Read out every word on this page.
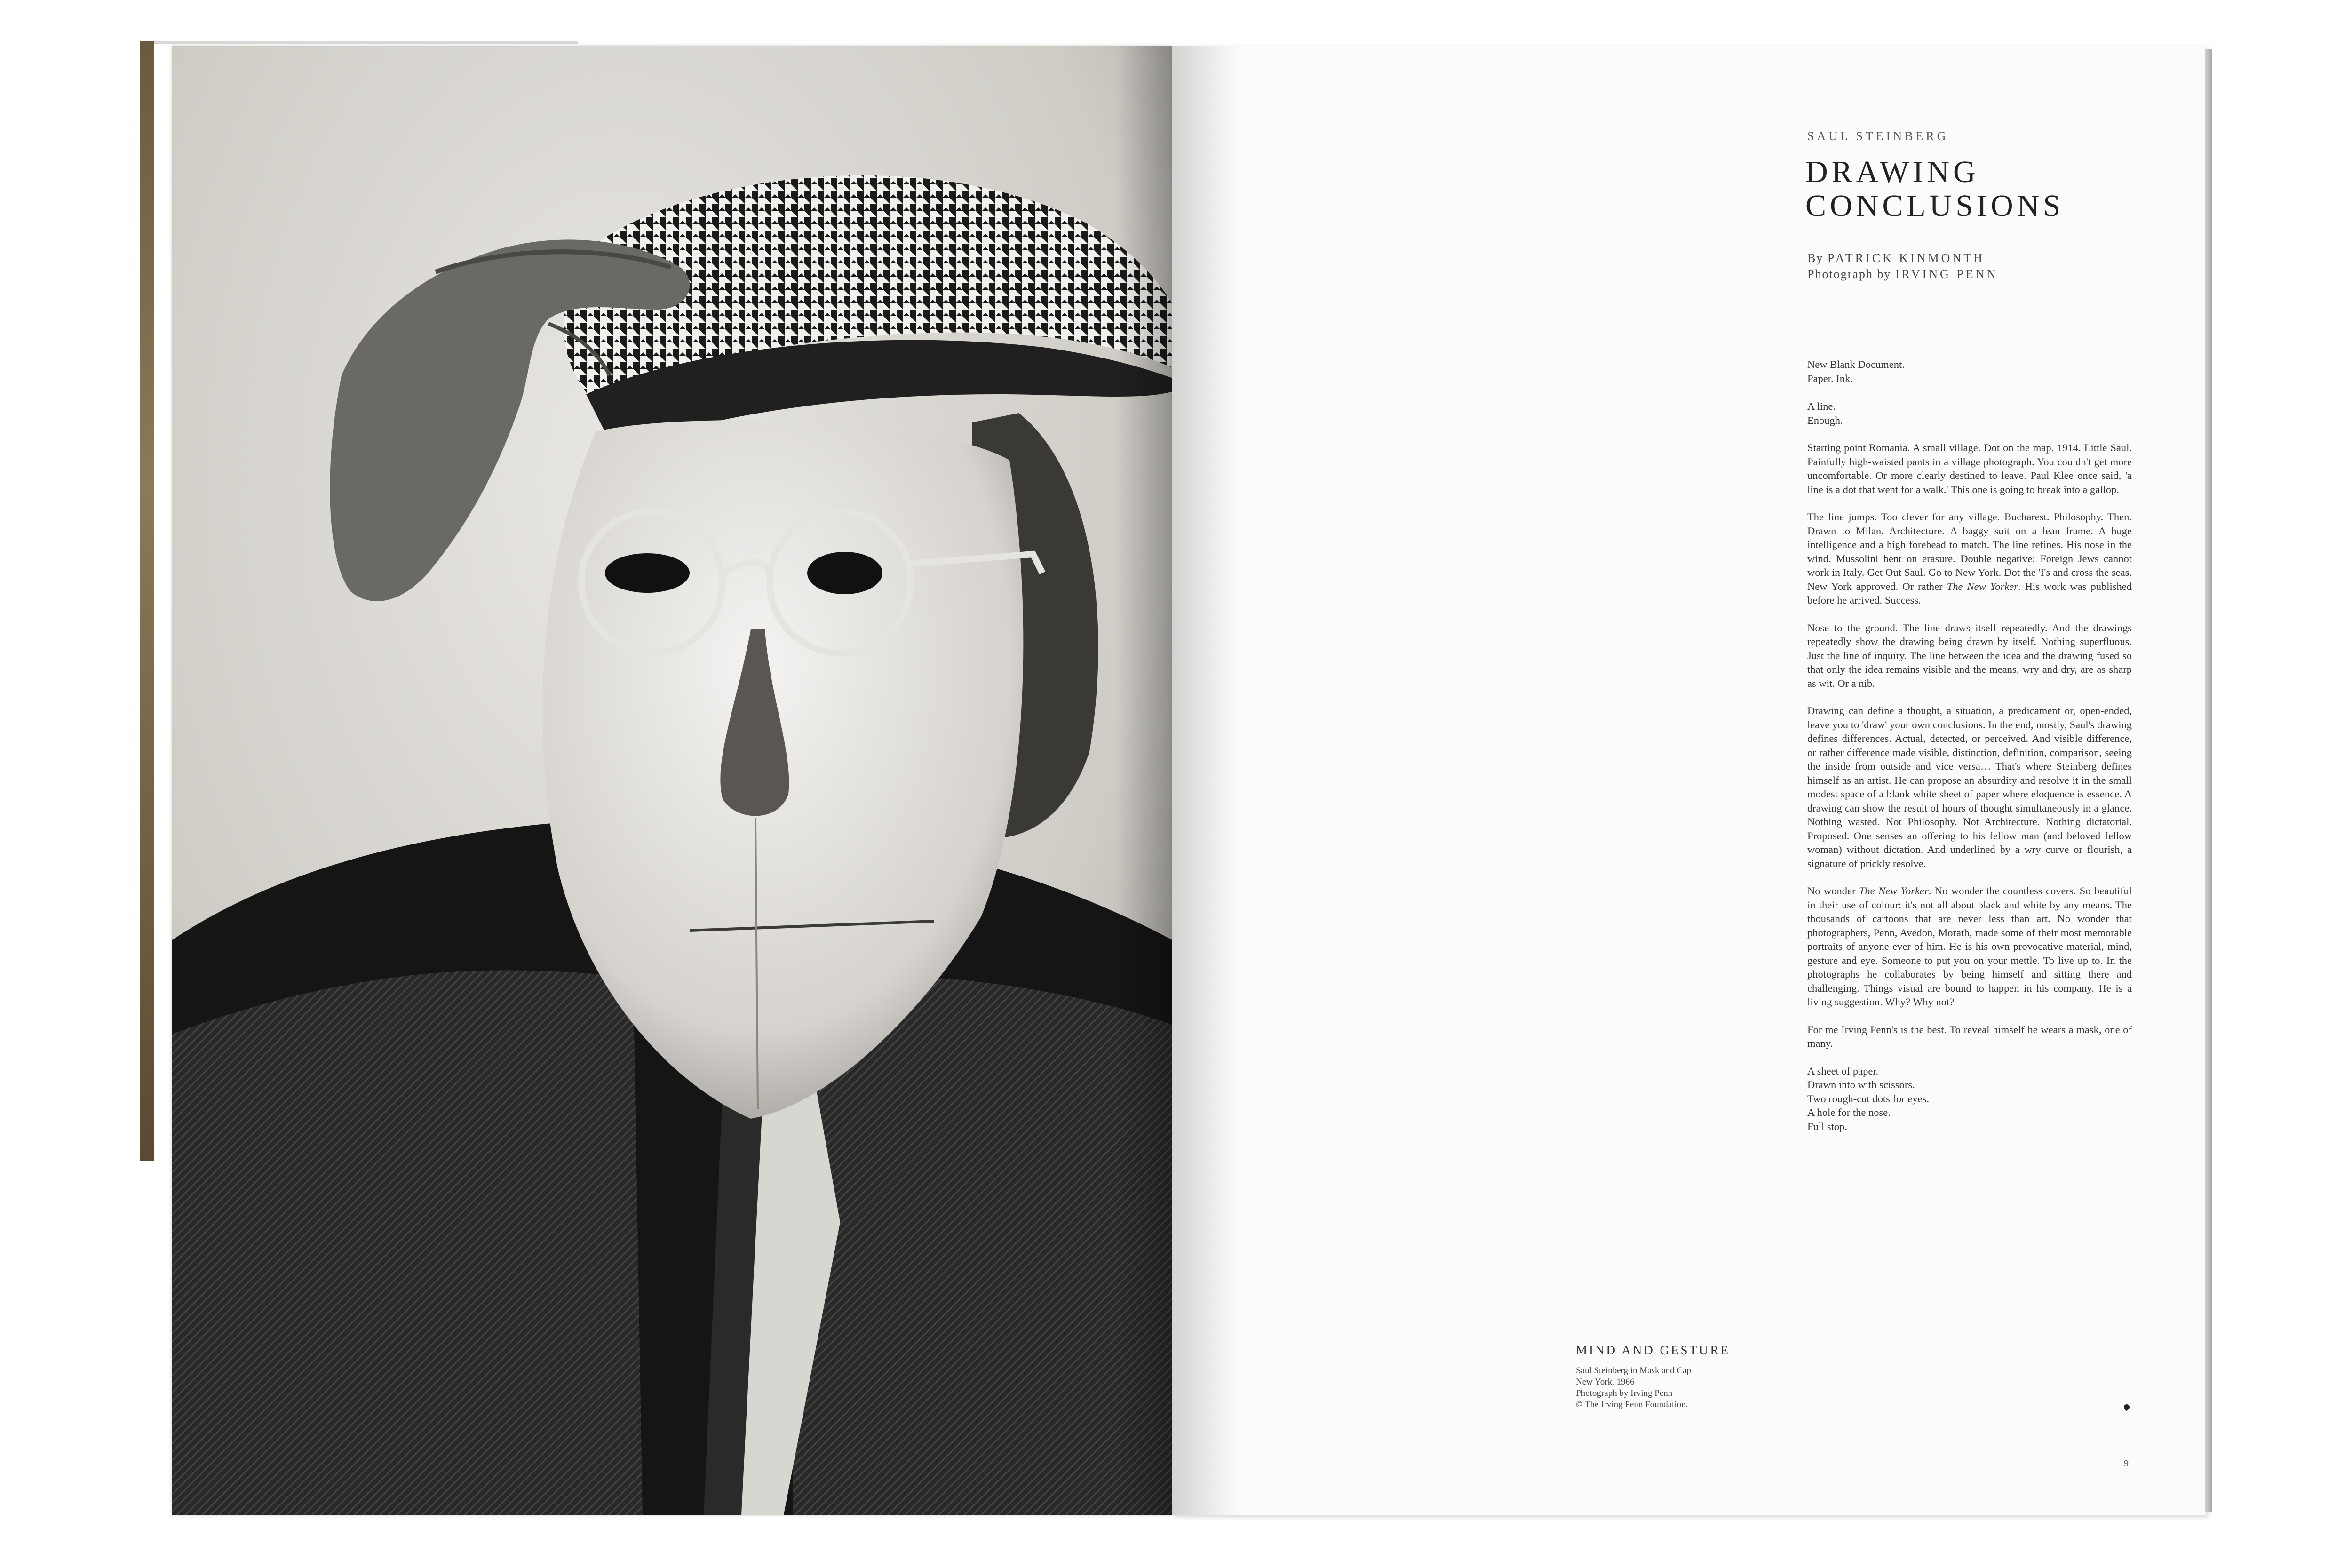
SAUL STEINBERG
DRAWING
CONCLUSIONS
By PATRICK KINMONTH
Photograph by IRVING PENN

New Blank Document.
Paper. Ink.

A line.
Enough.

Starting point Romania. A small village. Dot on the map. 1914. Little Saul. Painfully high-waisted pants in a village photograph. You couldn't get more uncomfortable. Or more clearly destined to leave. Paul Klee once said, 'a line is a dot that went for a walk.' This one is going to break into a gallop.

The line jumps. Too clever for any village. Bucharest. Philosophy. Then. Drawn to Milan. Architecture. A baggy suit on a lean frame. A huge intelligence and a high forehead to match. The line refines. His nose in the wind. Mussolini bent on erasure. Double negative: Foreign Jews cannot work in Italy. Get Out Saul. Go to New York. Dot the 'I's and cross the seas. New York approved. Or rather The New Yorker. His work was published before he arrived. Success.

Nose to the ground. The line draws itself repeatedly. And the drawings repeatedly show the drawing being drawn by itself. Nothing superfluous. Just the line of inquiry. The line between the idea and the drawing fused so that only the idea remains visible and the means, wry and dry, are as sharp as wit. Or a nib.

Drawing can define a thought, a situation, a predicament or, open-ended, leave you to 'draw' your own conclusions. In the end, mostly, Saul's drawing defines differences. Actual, detected, or perceived. And visible difference, or rather difference made visible, distinction, definition, comparison, seeing the inside from outside and vice versa… That's where Steinberg defines himself as an artist. He can propose an absurdity and resolve it in the small modest space of a blank white sheet of paper where eloquence is essence. A drawing can show the result of hours of thought simultaneously in a glance. Nothing wasted. Not Philosophy. Not Architecture. Nothing dictatorial. Proposed. One senses an offering to his fellow man (and beloved fellow woman) without dictation. And underlined by a wry curve or flourish, a signature of prickly resolve.

No wonder The New Yorker. No wonder the countless covers. So beautiful in their use of colour: it's not all about black and white by any means. The thousands of cartoons that are never less than art. No wonder that photographers, Penn, Avedon, Morath, made some of their most memorable portraits of anyone ever of him. He is his own provocative material, mind, gesture and eye. Someone to put you on your mettle. To live up to. In the photographs he collaborates by being himself and sitting there and challenging. Things visual are bound to happen in his company. He is a living suggestion. Why? Why not?

For me Irving Penn's is the best. To reveal himself he wears a mask, one of many.

A sheet of paper.
Drawn into with scissors.
Two rough-cut dots for eyes.
A hole for the nose.
Full stop.

MIND AND GESTURE
Saul Steinberg in Mask and Cap
New York, 1966
Photograph by Irving Penn
© The Irving Penn Foundation.
9
